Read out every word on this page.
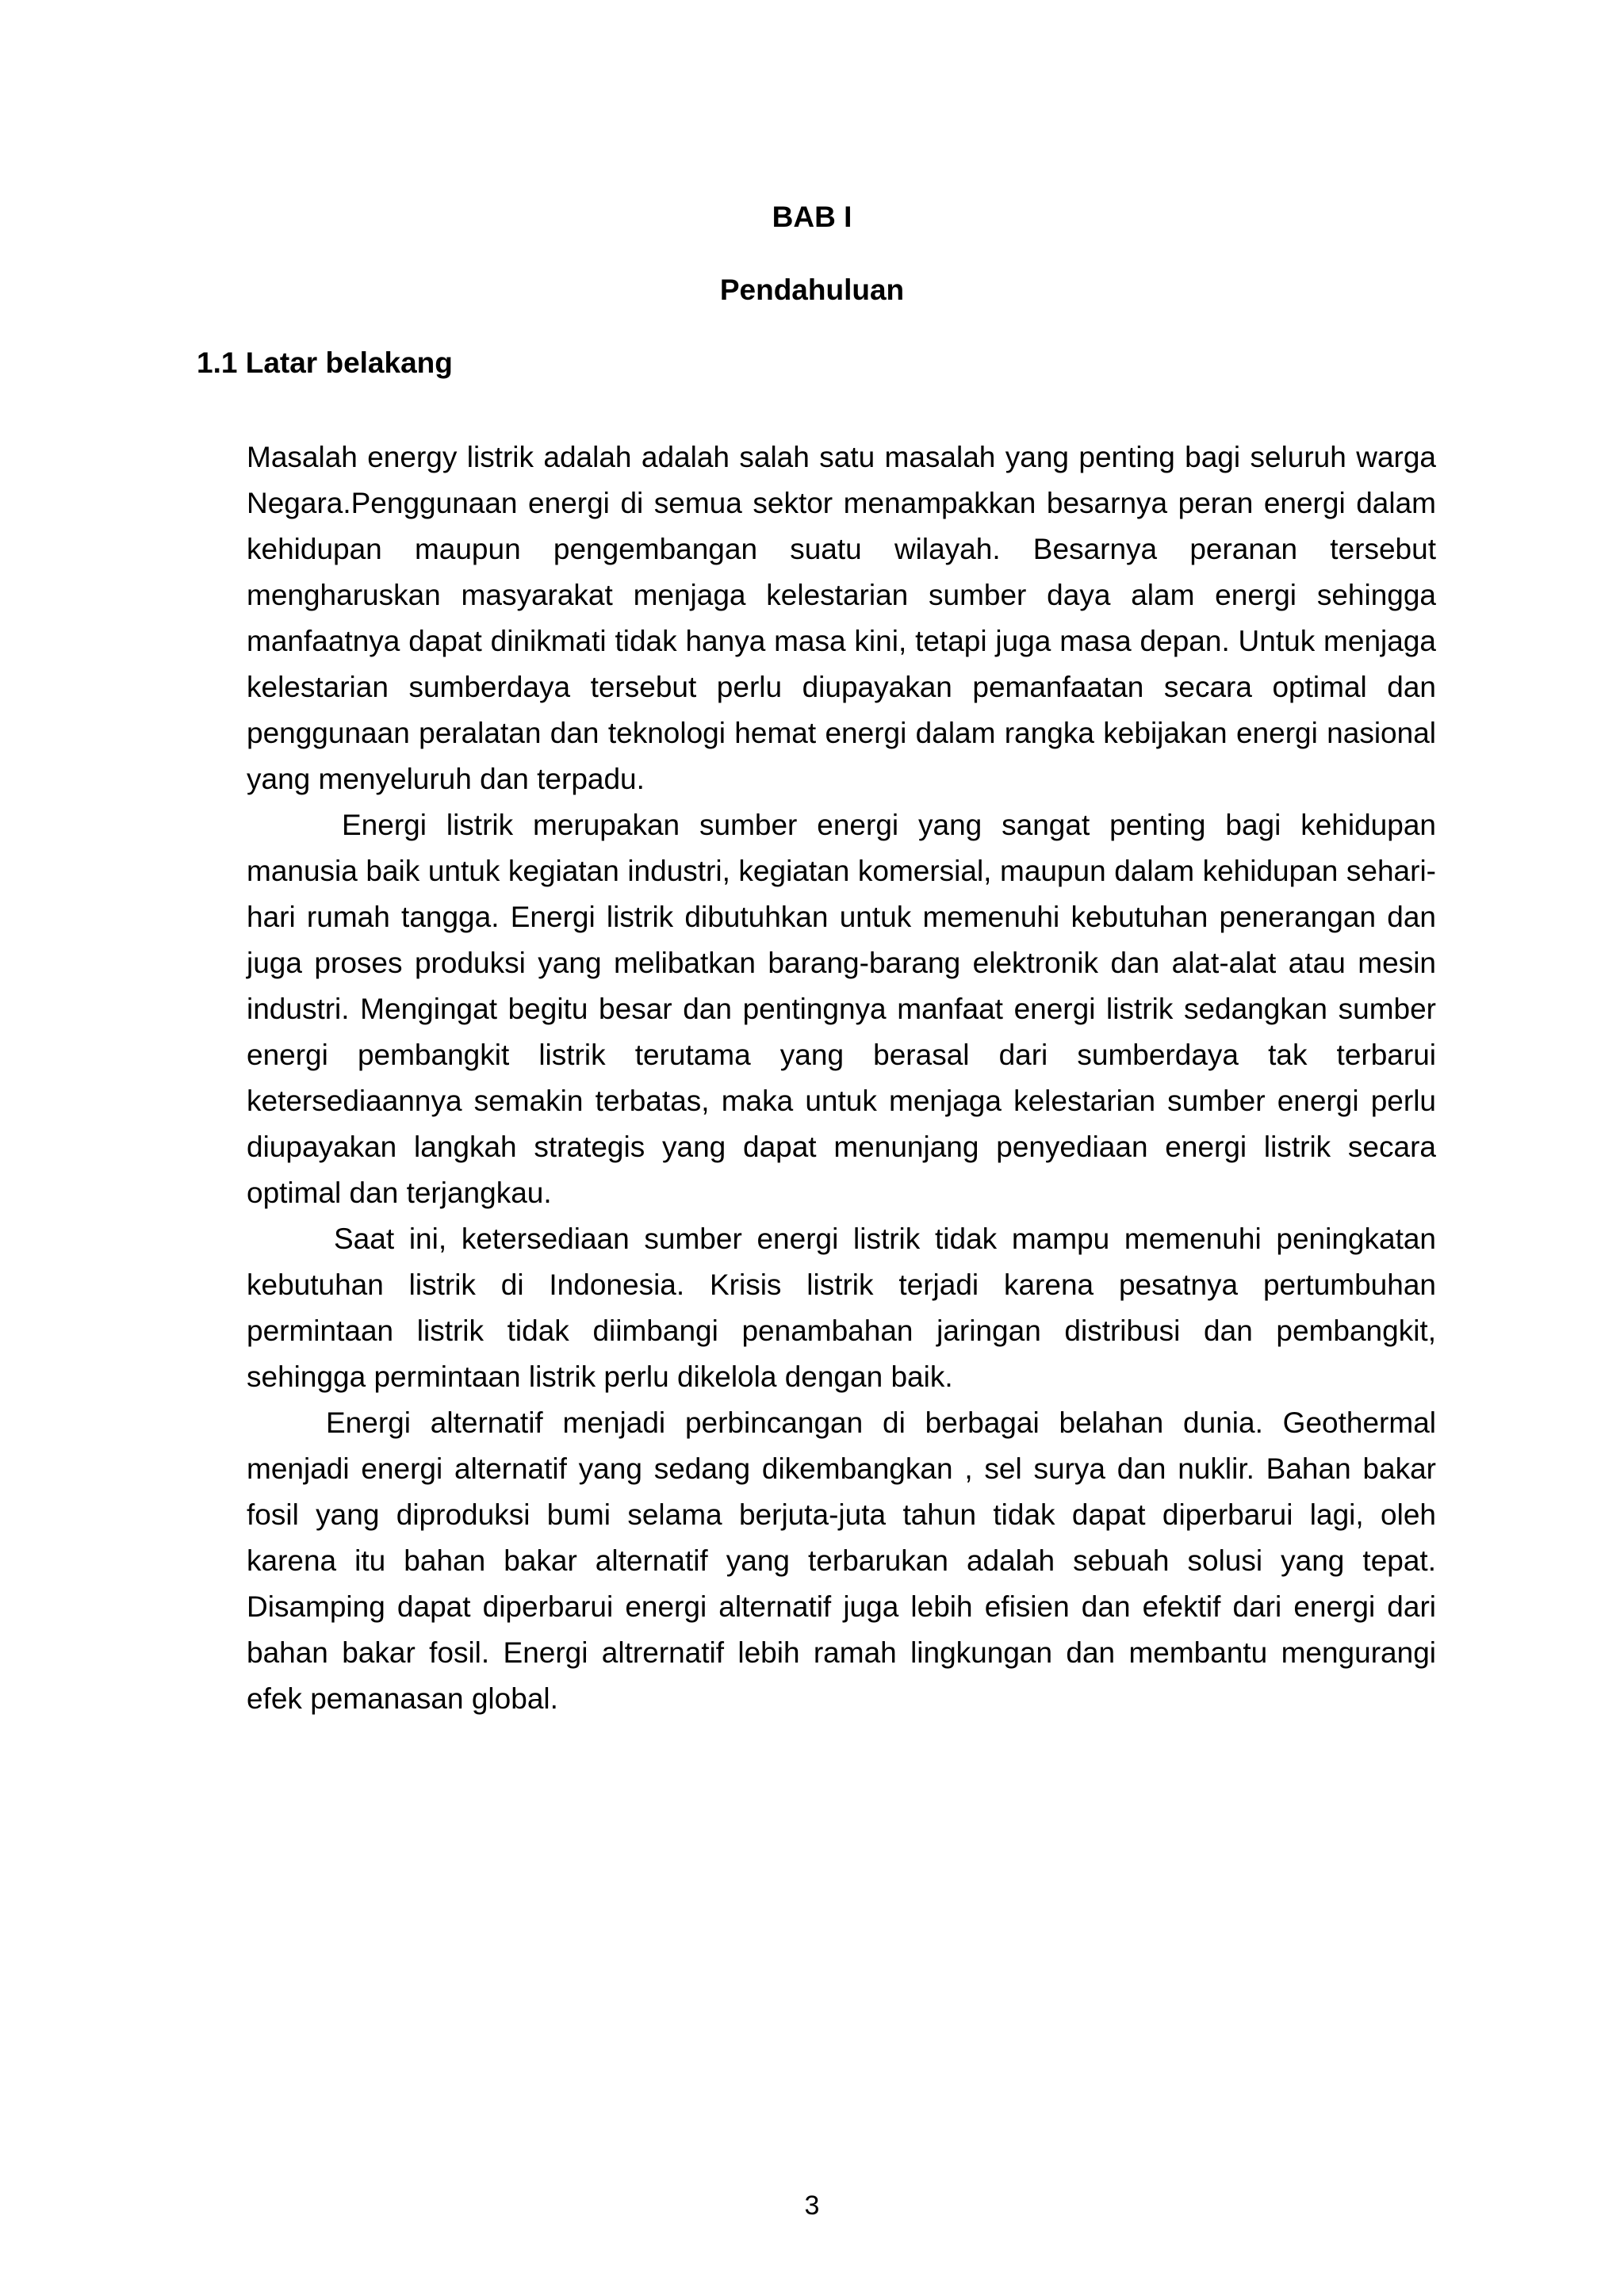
BAB I
Pendahuluan
1.1 Latar belakang

Masalah energy listrik adalah adalah salah satu masalah yang penting bagi seluruh warga Negara.Penggunaan energi di semua sektor menampakkan besarnya peran energi dalam kehidupan maupun pengembangan suatu wilayah. Besarnya peranan tersebut mengharuskan masyarakat menjaga kelestarian sumber daya alam energi sehingga manfaatnya dapat dinikmati tidak hanya masa kini, tetapi juga masa depan. Untuk menjaga kelestarian sumberdaya tersebut perlu diupayakan pemanfaatan secara optimal dan penggunaan peralatan dan teknologi hemat energi dalam rangka kebijakan energi nasional yang menyeluruh dan terpadu.

Energi listrik merupakan sumber energi yang sangat penting bagi kehidupan manusia baik untuk kegiatan industri, kegiatan komersial, maupun dalam kehidupan sehari-hari rumah tangga. Energi listrik dibutuhkan untuk memenuhi kebutuhan penerangan dan juga proses produksi yang melibatkan barang-barang elektronik dan alat-alat atau mesin industri. Mengingat begitu besar dan pentingnya manfaat energi listrik sedangkan sumber energi pembangkit listrik terutama yang berasal dari sumberdaya tak terbarui ketersediaannya semakin terbatas, maka untuk menjaga kelestarian sumber energi perlu diupayakan langkah strategis yang dapat menunjang penyediaan energi listrik secara optimal dan terjangkau.

Saat ini, ketersediaan sumber energi listrik tidak mampu memenuhi peningkatan kebutuhan listrik di Indonesia. Krisis listrik terjadi karena pesatnya pertumbuhan permintaan listrik tidak diimbangi penambahan jaringan distribusi dan pembangkit, sehingga permintaan listrik perlu dikelola dengan baik.

Energi alternatif menjadi perbincangan di berbagai belahan dunia. Geothermal menjadi energi alternatif yang sedang dikembangkan , sel surya dan nuklir. Bahan bakar fosil yang diproduksi bumi selama berjuta-juta tahun tidak dapat diperbarui lagi, oleh karena itu bahan bakar alternatif yang terbarukan adalah sebuah solusi yang tepat. Disamping dapat diperbarui energi alternatif juga lebih efisien dan efektif dari energi dari bahan bakar fosil. Energi altrernatif lebih ramah lingkungan dan membantu mengurangi efek pemanasan global.

3
